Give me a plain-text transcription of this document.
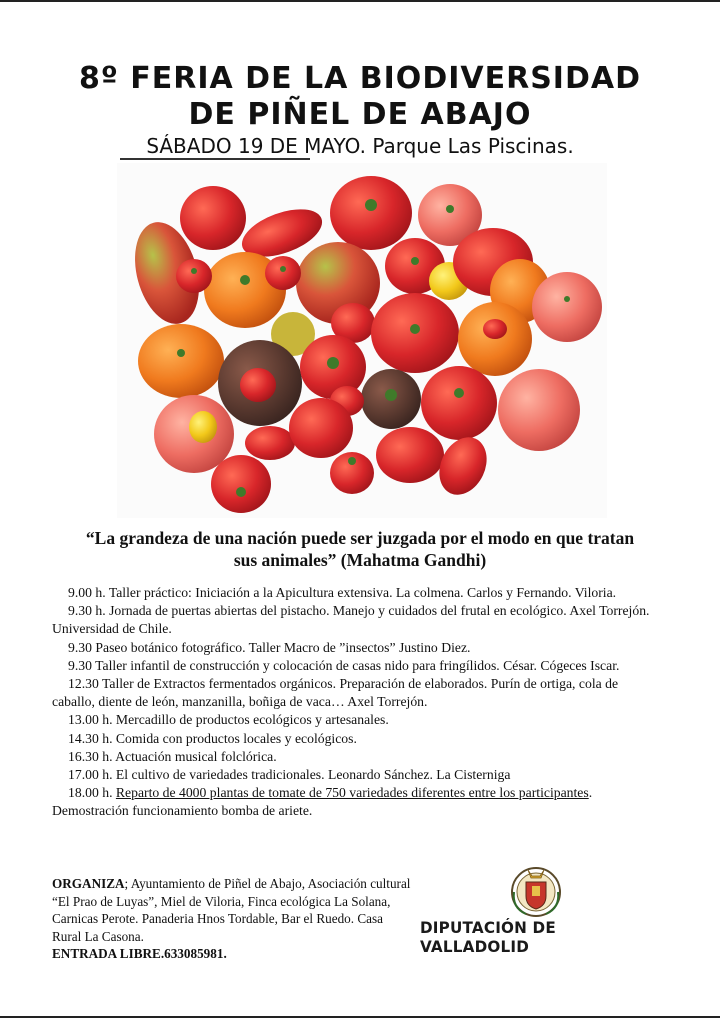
8º FERIA DE LA BIODIVERSIDAD
DE PIÑEL DE ABAJO
SÁBADO 19 DE MAYO. Parque Las Piscinas.
“La grandeza de una nación puede ser juzgada por el modo en que tratan
sus animales” (Mahatma Gandhi)

9.00 h. Taller práctico: Iniciación a la Apicultura extensiva. La colmena. Carlos y Fernando. Viloria.

9.30 h. Jornada de puertas abiertas del pistacho. Manejo y cuidados del frutal en ecológico. Axel Torrejón. Universidad de Chile.

9.30 Paseo botánico fotográfico. Taller Macro de ”insectos” Justino Diez.

9.30 Taller infantil de construcción y colocación de casas nido para fringílidos. César. Cógeces Iscar.

12.30 Taller de Extractos fermentados orgánicos. Preparación de elaborados. Purín de ortiga, cola de caballo, diente de león, manzanilla, boñiga de vaca… Axel Torrejón.

13.00 h. Mercadillo de productos ecológicos y artesanales.

14.30 h. Comida con productos locales y ecológicos.

16.30 h. Actuación musical folclórica.

17.00 h. El cultivo de variedades tradicionales. Leonardo Sánchez. La Cisterniga

18.00 h. Reparto de 4000 plantas de tomate de 750 variedades diferentes entre los participantes. Demostración funcionamiento bomba de ariete.

ORGANIZA; Ayuntamiento de Piñel de Abajo, Asociación cultural “El Prao de Luyas”, Miel de Viloria, Finca ecológica La Solana, Carnicas Perote. Panaderia Hnos Tordable, Bar el Ruedo. Casa Rural La Casona.
ENTRADA LIBRE.633085981.
DIPUTACIÓN DE VALLADOLID
